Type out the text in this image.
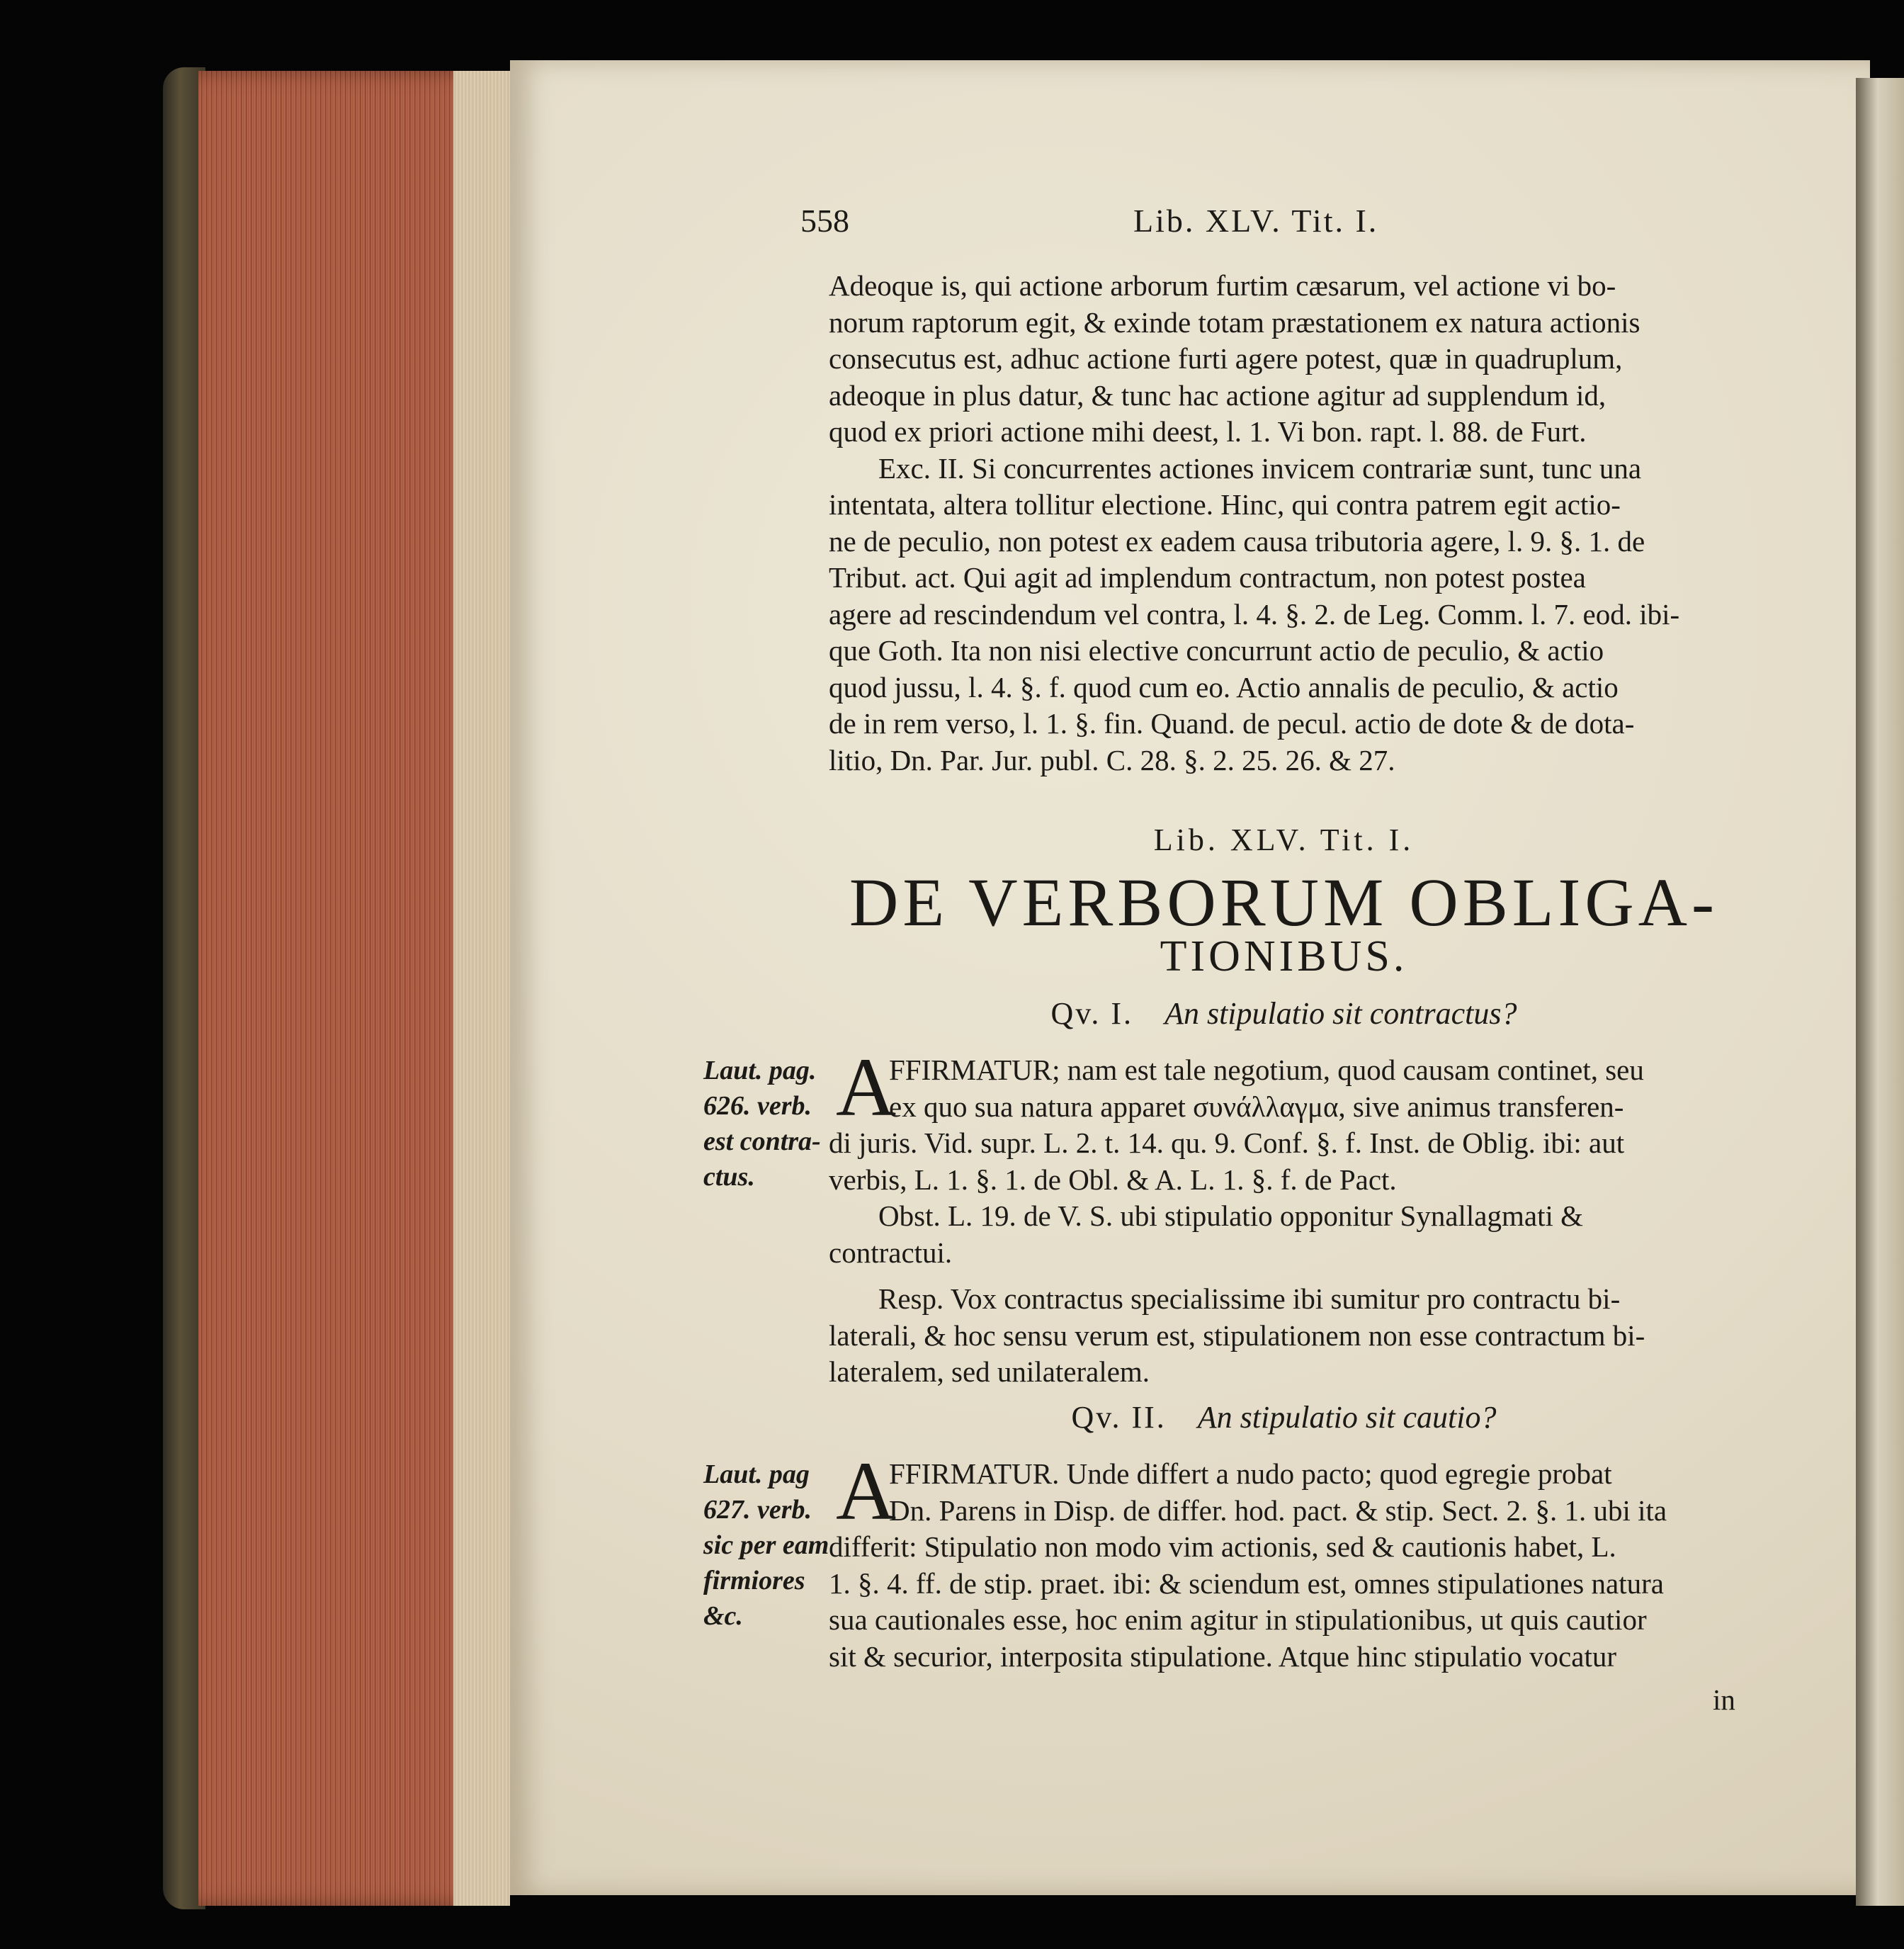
558	Lib. XLV. Tit. I.
Adeoque is, qui actione arborum furtim cæsarum, vel actione vi bo-
norum raptorum egit, & exinde totam præstationem ex natura actionis
consecutus est, adhuc actione furti agere potest, quæ in quadruplum,
adeoque in plus datur, & tunc hac actione agitur ad supplendum id,
quod ex priori actione mihi deest, l. 1. Vi bon. rapt. l. 88. de Furt.
Exc. II. Si concurrentes actiones invicem contrariæ sunt, tunc una
intentata, altera tollitur electione. Hinc, qui contra patrem egit actio-
ne de peculio, non potest ex eadem causa tributoria agere, l. 9. §. 1. de
Tribut. act. Qui agit ad implendum contractum, non potest postea
agere ad rescindendum vel contra, l. 4. §. 2. de Leg. Comm. l. 7. eod. ibi-
que Goth. Ita non nisi elective concurrunt actio de peculio, & actio
quod jussu, l. 4. §. f. quod cum eo. Actio annalis de peculio, & actio
de in rem verso, l. 1. §. fin. Quand. de pecul. actio de dote & de dota-
litio, Dn. Par. Jur. publ. C. 28. §. 2. 25. 26. & 27.
Lib. XLV. Tit. I.
DE VERBORUM OBLIGA-
TIONIBUS.
Qv. I. An stipulatio sit contractus?
Laut. pag.
626. verb.
est contra-
ctus.
A
FFIRMATUR; nam est tale negotium, quod causam continet, seu
ex quo sua natura apparet συνάλλαγμα, sive animus transferen-
di juris. Vid. supr. L. 2. t. 14. qu. 9. Conf. §. f. Inst. de Oblig. ibi: aut
verbis, L. 1. §. 1. de Obl. & A. L. 1. §. f. de Pact.
Obst. L. 19. de V. S. ubi stipulatio opponitur Synallagmati &
contractui.
Resp. Vox contractus specialissime ibi sumitur pro contractu bi-
laterali, & hoc sensu verum est, stipulationem non esse contractum bi-
lateralem, sed unilateralem.
Qv. II. An stipulatio sit cautio?
Laut. pag
627. verb.
sic per eam
firmiores
&c.
A
FFIRMATUR. Unde differt a nudo pacto; quod egregie probat
Dn. Parens in Disp. de differ. hod. pact. & stip. Sect. 2. §. 1. ubi ita
differit: Stipulatio non modo vim actionis, sed & cautionis habet, L.
1. §. 4. ff. de stip. praet. ibi: & sciendum est, omnes stipulationes natura
sua cautionales esse, hoc enim agitur in stipulationibus, ut quis cautior
sit & securior, interposita stipulatione. Atque hinc stipulatio vocatur
in
